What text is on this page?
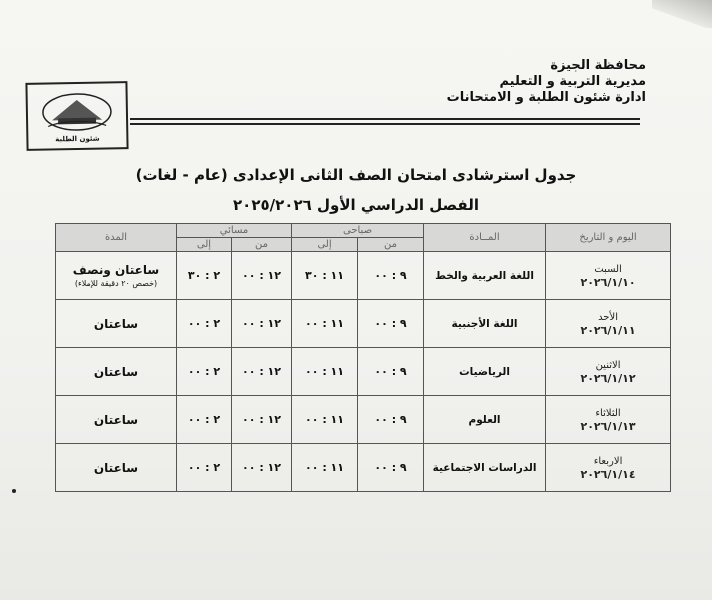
محافظة الجيزة
مديرية التربية و التعليم
ادارة شئون الطلبة و الامتحانات
شئون الطلبة
جدول استرشادى امتحان الصف الثانى الإعدادى (عام - لغات)
الفصل الدراسي الأول ٢٠٢٥/٢٠٢٦
اليوم و التاريخ	المــادة	صباحى		مسائي		المدة
		من	إلى	من	إلى	
السبت
٢٠٢٦/١/١٠	اللغة العربية والخط	٩ : ٠٠	١١ : ٣٠	١٢ : ٠٠	٢ : ٣٠	ساعتان ونصف
(خصص ٢٠ دقيقة للإملاء)

الأحد
٢٠٢٦/١/١١	اللغة الأجنبية	٩ : ٠٠	١١ : ٠٠	١٢ : ٠٠	٢ : ٠٠	ساعتان
الاثنين
٢٠٢٦/١/١٢	الرياضيات	٩ : ٠٠	١١ : ٠٠	١٢ : ٠٠	٢ : ٠٠	ساعتان
الثلاثاء
٢٠٢٦/١/١٣	العلوم	٩ : ٠٠	١١ : ٠٠	١٢ : ٠٠	٢ : ٠٠	ساعتان
الاربعاء
٢٠٢٦/١/١٤	الدراسات الاجتماعية	٩ : ٠٠	١١ : ٠٠	١٢ : ٠٠	٢ : ٠٠	ساعتان
